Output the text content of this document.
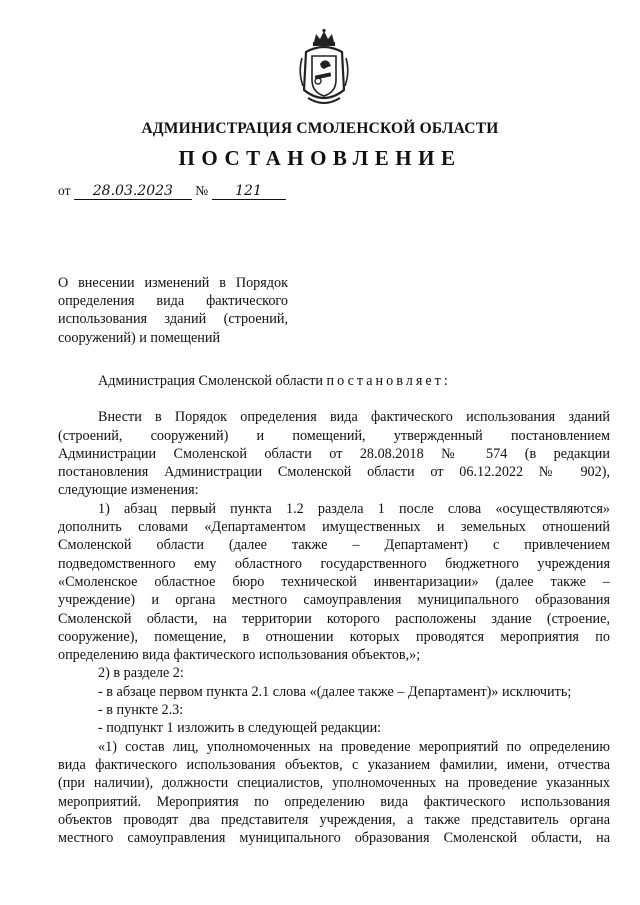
АДМИНИСТРАЦИЯ СМОЛЕНСКОЙ ОБЛАСТИ
ПОСТАНОВЛЕНИЕ
от 28.03.2023 № 121
О внесении изменений в Порядок
определения вида фактического
использования зданий (строений,
сооружений) и помещений
Администрация Смоленской области постановляет:
Внести в Порядок определения вида фактического использования зданий
(строений, сооружений) и помещений, утвержденный постановлением
Администрации Смоленской области от 28.08.2018 № 574 (в редакции
постановления Администрации Смоленской области от 06.12.2022 № 902),
следующие изменения:
1) абзац первый пункта 1.2 раздела 1 после слова «осуществляются»
дополнить словами «Департаментом имущественных и земельных отношений
Смоленской области (далее также – Департамент) с привлечением
подведомственного ему областного государственного бюджетного учреждения
«Смоленское областное бюро технической инвентаризации» (далее также –
учреждение) и органа местного самоуправления муниципального образования
Смоленской области, на территории которого расположены здание (строение,
сооружение), помещение, в отношении которых проводятся мероприятия по
определению вида фактического использования объектов,»;
2) в разделе 2:
- в абзаце первом пункта 2.1 слова «(далее также – Департамент)» исключить;
- в пункте 2.3:
- подпункт 1 изложить в следующей редакции:
«1) состав лиц, уполномоченных на проведение мероприятий по определению
вида фактического использования объектов, с указанием фамилии, имени, отчества
(при наличии), должности специалистов, уполномоченных на проведение указанных
мероприятий. Мероприятия по определению вида фактического использования
объектов проводят два представителя учреждения, а также представитель органа
местного самоуправления муниципального образования Смоленской области, на
